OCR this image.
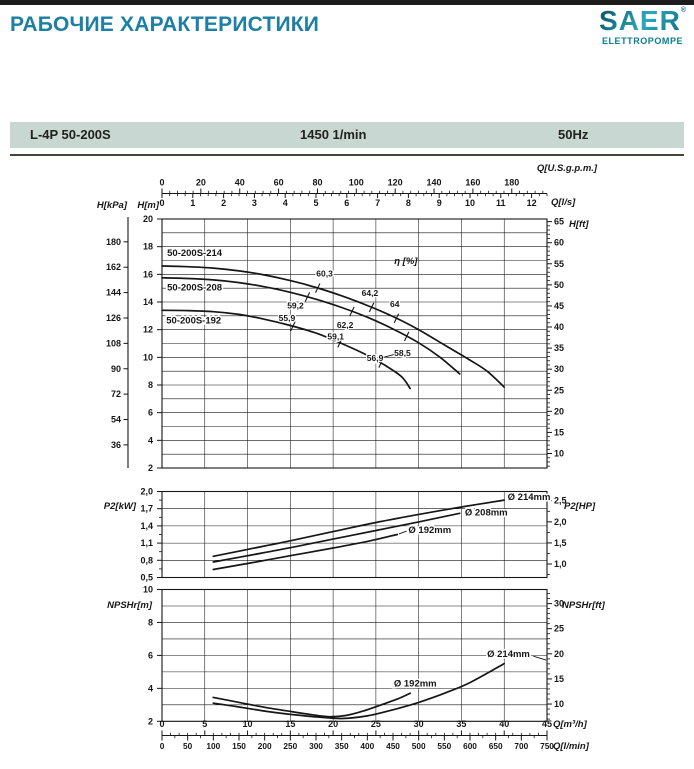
РАБОЧИЕ ХАРАКТЕРИСТИКИ	SAER®
ELETTROPOMPE
L-4P 50-200S	1450 1/min	50Hz
0	20	40	60	80	100	120	140	160	180
0	1	2	3	4	5	6	7	8	9	10 11 12
Q[U.S.g.p.m.]
Q[l/s]
20
18
16
14
12
10
8
6
4
2
H[m]
180
162
144
126
108
90
72
54
36
H[kPa]
65
60
55
50
45
40
35
30
25
20
15
10
H[ft]
50-200S-214
50-200S-208
50-200S-192
60,3
59,2
55,9
64,2
64
62,2
59,1
56,9 58,5
η [%]
2,0
1,7
1,4
1,1
0,8
0,5
P2[kW]
2,5
2,0
1,5
1,0
P2[HP]
Ø 214mm
Ø 208mm
Ø 192mm
10
8
6
4
2
NPSHr[m]	30
25
20
15
10
NPSHr[ft]
Ø 192mm
Ø 214mm
0	5	10	15	20	25	30	35	40	45
0 50 100 150 200 250 300 350 400 450 500 550 600 650 700 750
Q[m³/h]
Q[l/min]
